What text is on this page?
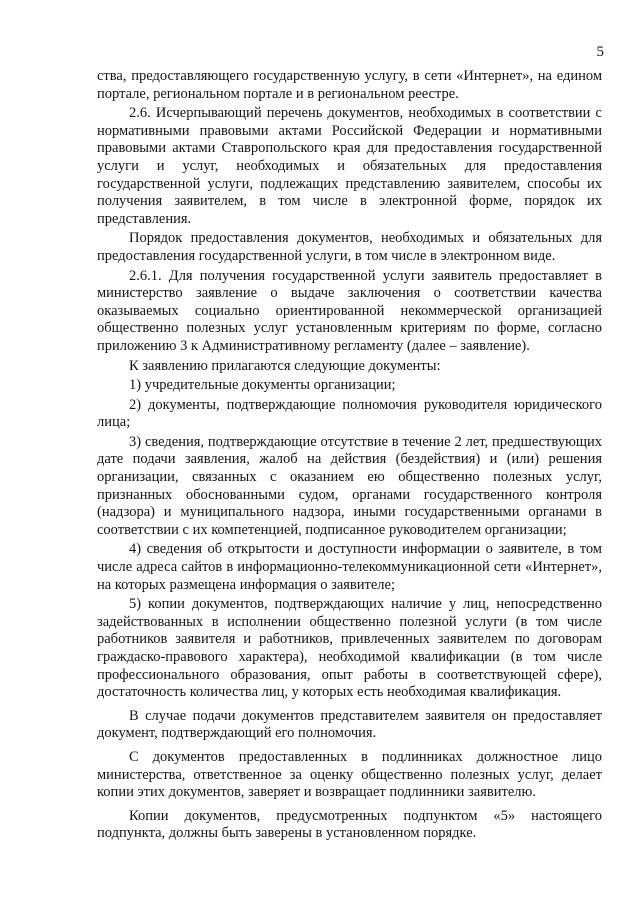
5

ства, предоставляющего государственную услугу, в сети «Интернет», на едином портале, региональном портале и в региональном реестре.

2.6. Исчерпывающий перечень документов, необходимых в соответствии с нормативными правовыми актами Российской Федерации и нормативными правовыми актами Ставропольского края для предоставления государственной услуги и услуг, необходимых и обязательных для предоставления государственной услуги, подлежащих представлению заявителем, способы их получения заявителем, в том числе в электронной форме, порядок их представления.

Порядок предоставления документов, необходимых и обязательных для предоставления государственной услуги, в том числе в электронном виде.

2.6.1. Для получения государственной услуги заявитель предоставляет в министерство заявление о выдаче заключения о соответствии качества оказываемых социально ориентированной некоммерческой организацией общественно полезных услуг установленным критериям по форме, согласно приложению 3 к Административному регламенту (далее – заявление).

К заявлению прилагаются следующие документы:

1) учредительные документы организации;

2) документы, подтверждающие полномочия руководителя юридического лица;

3) сведения, подтверждающие отсутствие в течение 2 лет, предшествующих дате подачи заявления, жалоб на действия (бездействия) и (или) решения организации, связанных с оказанием ею общественно полезных услуг, признанных обоснованными судом, органами государственного контроля (надзора) и муниципального надзора, иными государственными органами в соответствии с их компетенцией, подписанное руководителем организации;

4) сведения об открытости и доступности информации о заявителе, в том числе адреса сайтов в информационно-телекоммуникационной сети «Интернет», на которых размещена информация о заявителе;

5) копии документов, подтверждающих наличие у лиц, непосредственно задействованных в исполнении общественно полезной услуги (в том числе работников заявителя и работников, привлеченных заявителем по договорам граждаско-правового характера), необходимой квалификации (в том числе профессионального образования, опыт работы в соответствующей сфере), достаточность количества лиц, у которых есть необходимая квалификация.

В случае подачи документов представителем заявителя он предоставляет документ, подтверждающий его полномочия.

С документов предоставленных в подлинниках должностное лицо министерства, ответственное за оценку общественно полезных услуг, делает копии этих документов, заверяет и возвращает подлинники заявителю.

Копии документов, предусмотренных подпунктом «5» настоящего подпункта, должны быть заверены в установленном порядке.
